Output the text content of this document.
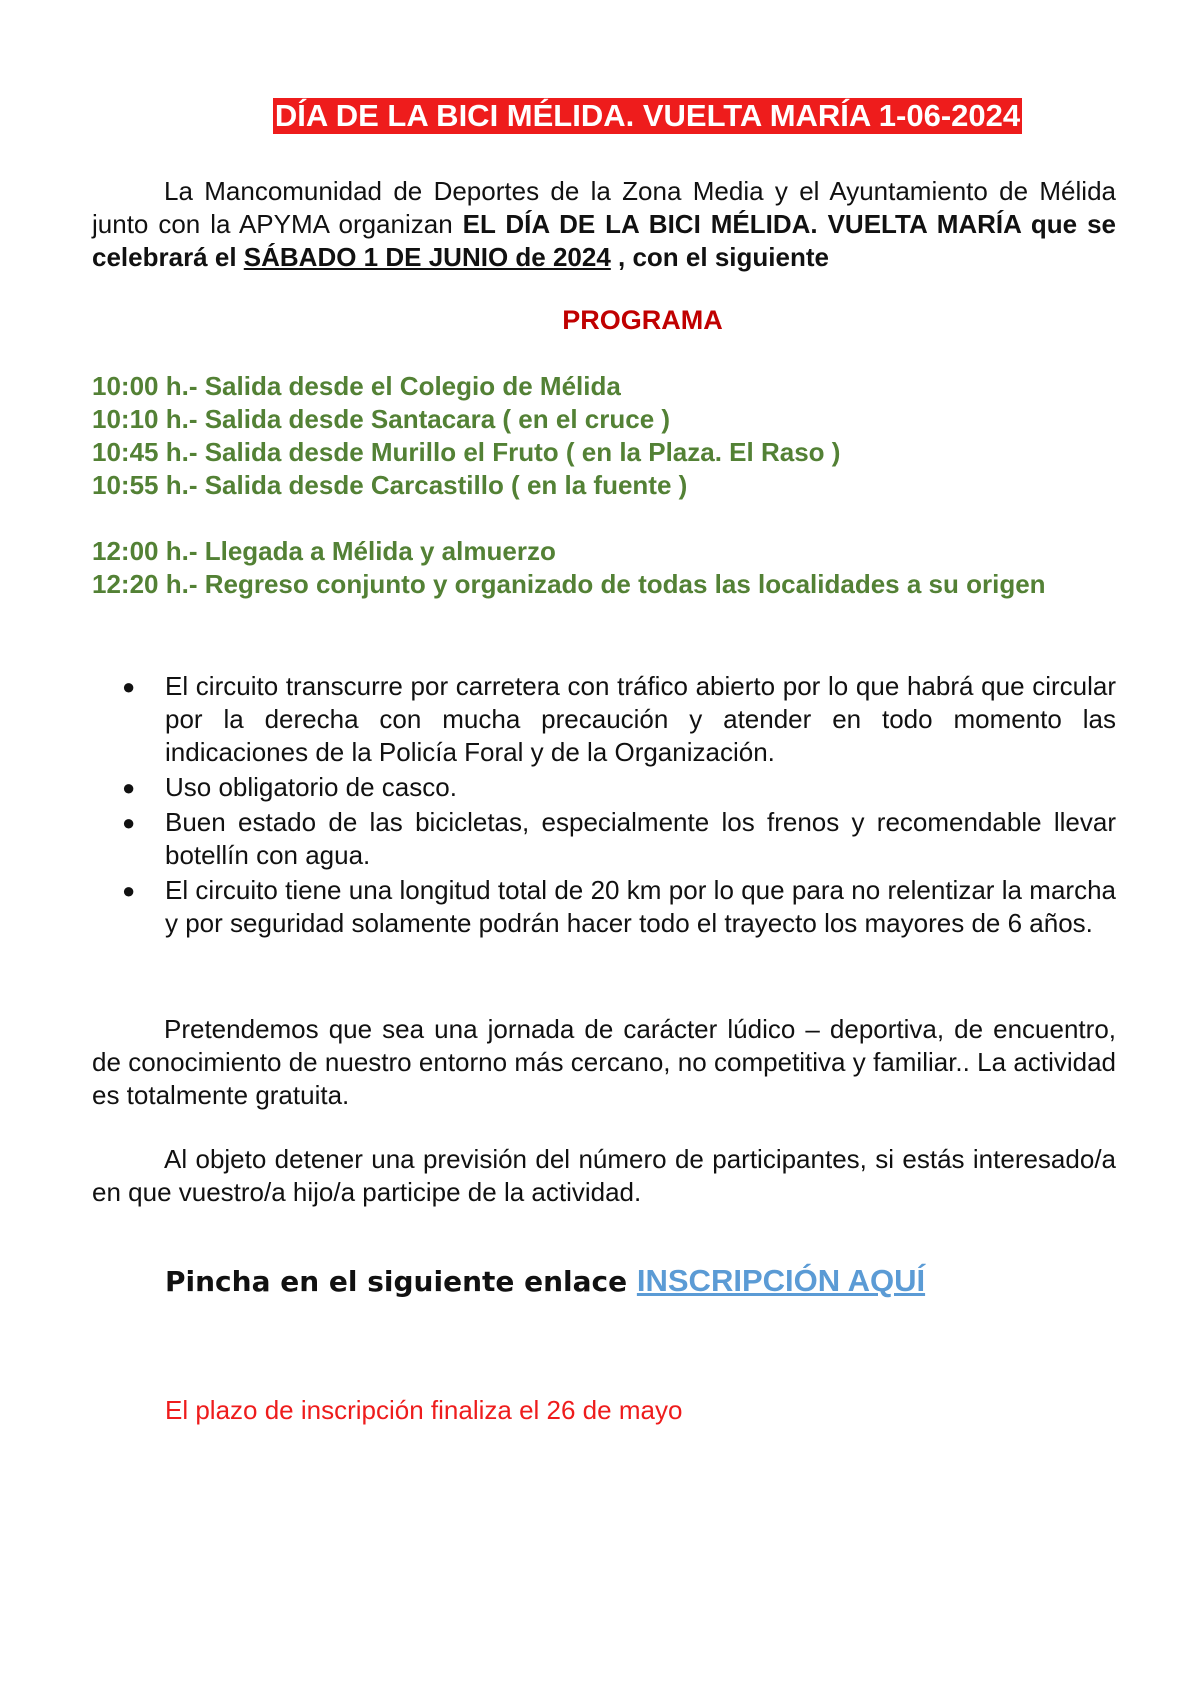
DÍA DE LA BICI MÉLIDA. VUELTA MARÍA 1-06-2024
La Mancomunidad de Deportes de la Zona Media y el Ayuntamiento de Mélida junto con la APYMA organizan EL DÍA DE LA BICI MÉLIDA. VUELTA MARÍA que se celebrará el SÁBADO 1 DE JUNIO de 2024 , con el siguiente
PROGRAMA
10:00 h.- Salida desde el Colegio de Mélida
10:10 h.- Salida desde Santacara ( en el cruce )
10:45 h.- Salida desde Murillo el Fruto ( en la Plaza. El Raso )
10:55 h.- Salida desde Carcastillo ( en la fuente )
12:00 h.- Llegada a Mélida y almuerzo
12:20 h.- Regreso conjunto y organizado de todas las localidades a su origen
● El circuito transcurre por carretera con tráfico abierto por lo que habrá que circular por la derecha con mucha precaución y atender en todo momento las indicaciones de la Policía Foral y de la Organización.
● Uso obligatorio de casco.
● Buen estado de las bicicletas, especialmente los frenos y recomendable llevar botellín con agua.
● El circuito tiene una longitud total de 20 km por lo que para no relentizar la marcha y por seguridad solamente podrán hacer todo el trayecto los mayores de 6 años.
Pretendemos que sea una jornada de carácter lúdico – deportiva, de encuentro, de conocimiento de nuestro entorno más cercano, no competitiva y familiar.. La actividad es totalmente gratuita.
Al objeto detener una previsión del número de participantes, si estás interesado/a en que vuestro/a hijo/a participe de la actividad.
Pincha en el siguiente enlace INSCRIPCIÓN AQUÍ
El plazo de inscripción finaliza el 26 de mayo
